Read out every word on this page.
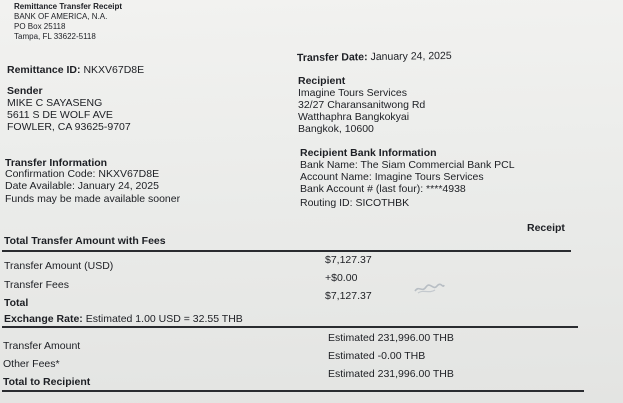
Remittance Transfer Receipt
BANK OF AMERICA, N.A.
PO Box 25118
Tampa, FL 33622-5118
Remittance ID: NKXV67D8E
Transfer Date: January 24, 2025
Sender
MIKE C SAYASENG
5611 S DE WOLF AVE
FOWLER, CA 93625-9707
Recipient
Imagine Tours Services
32/27 Charansanitwong Rd
Watthaphra Bangkokyai
Bangkok, 10600
Transfer Information
Confirmation Code: NKXV67D8E
Date Available: January 24, 2025
Funds may be made available sooner
Recipient Bank Information
Bank Name: The Siam Commercial Bank PCL
Account Name: Imagine Tours Services
Bank Account # (last four): ****4938
Routing ID: SICOTHBK
Receipt
Total Transfer Amount with Fees
Transfer Amount (USD)	$7,127.37
Transfer Fees
+$0.00
Total
$7,127.37
Exchange Rate: Estimated 1.00 USD = 32.55 THB
Transfer Amount
Estimated 231,996.00 THB
Other Fees*
Estimated -0.00 THB
Total to Recipient
Estimated 231,996.00 THB
